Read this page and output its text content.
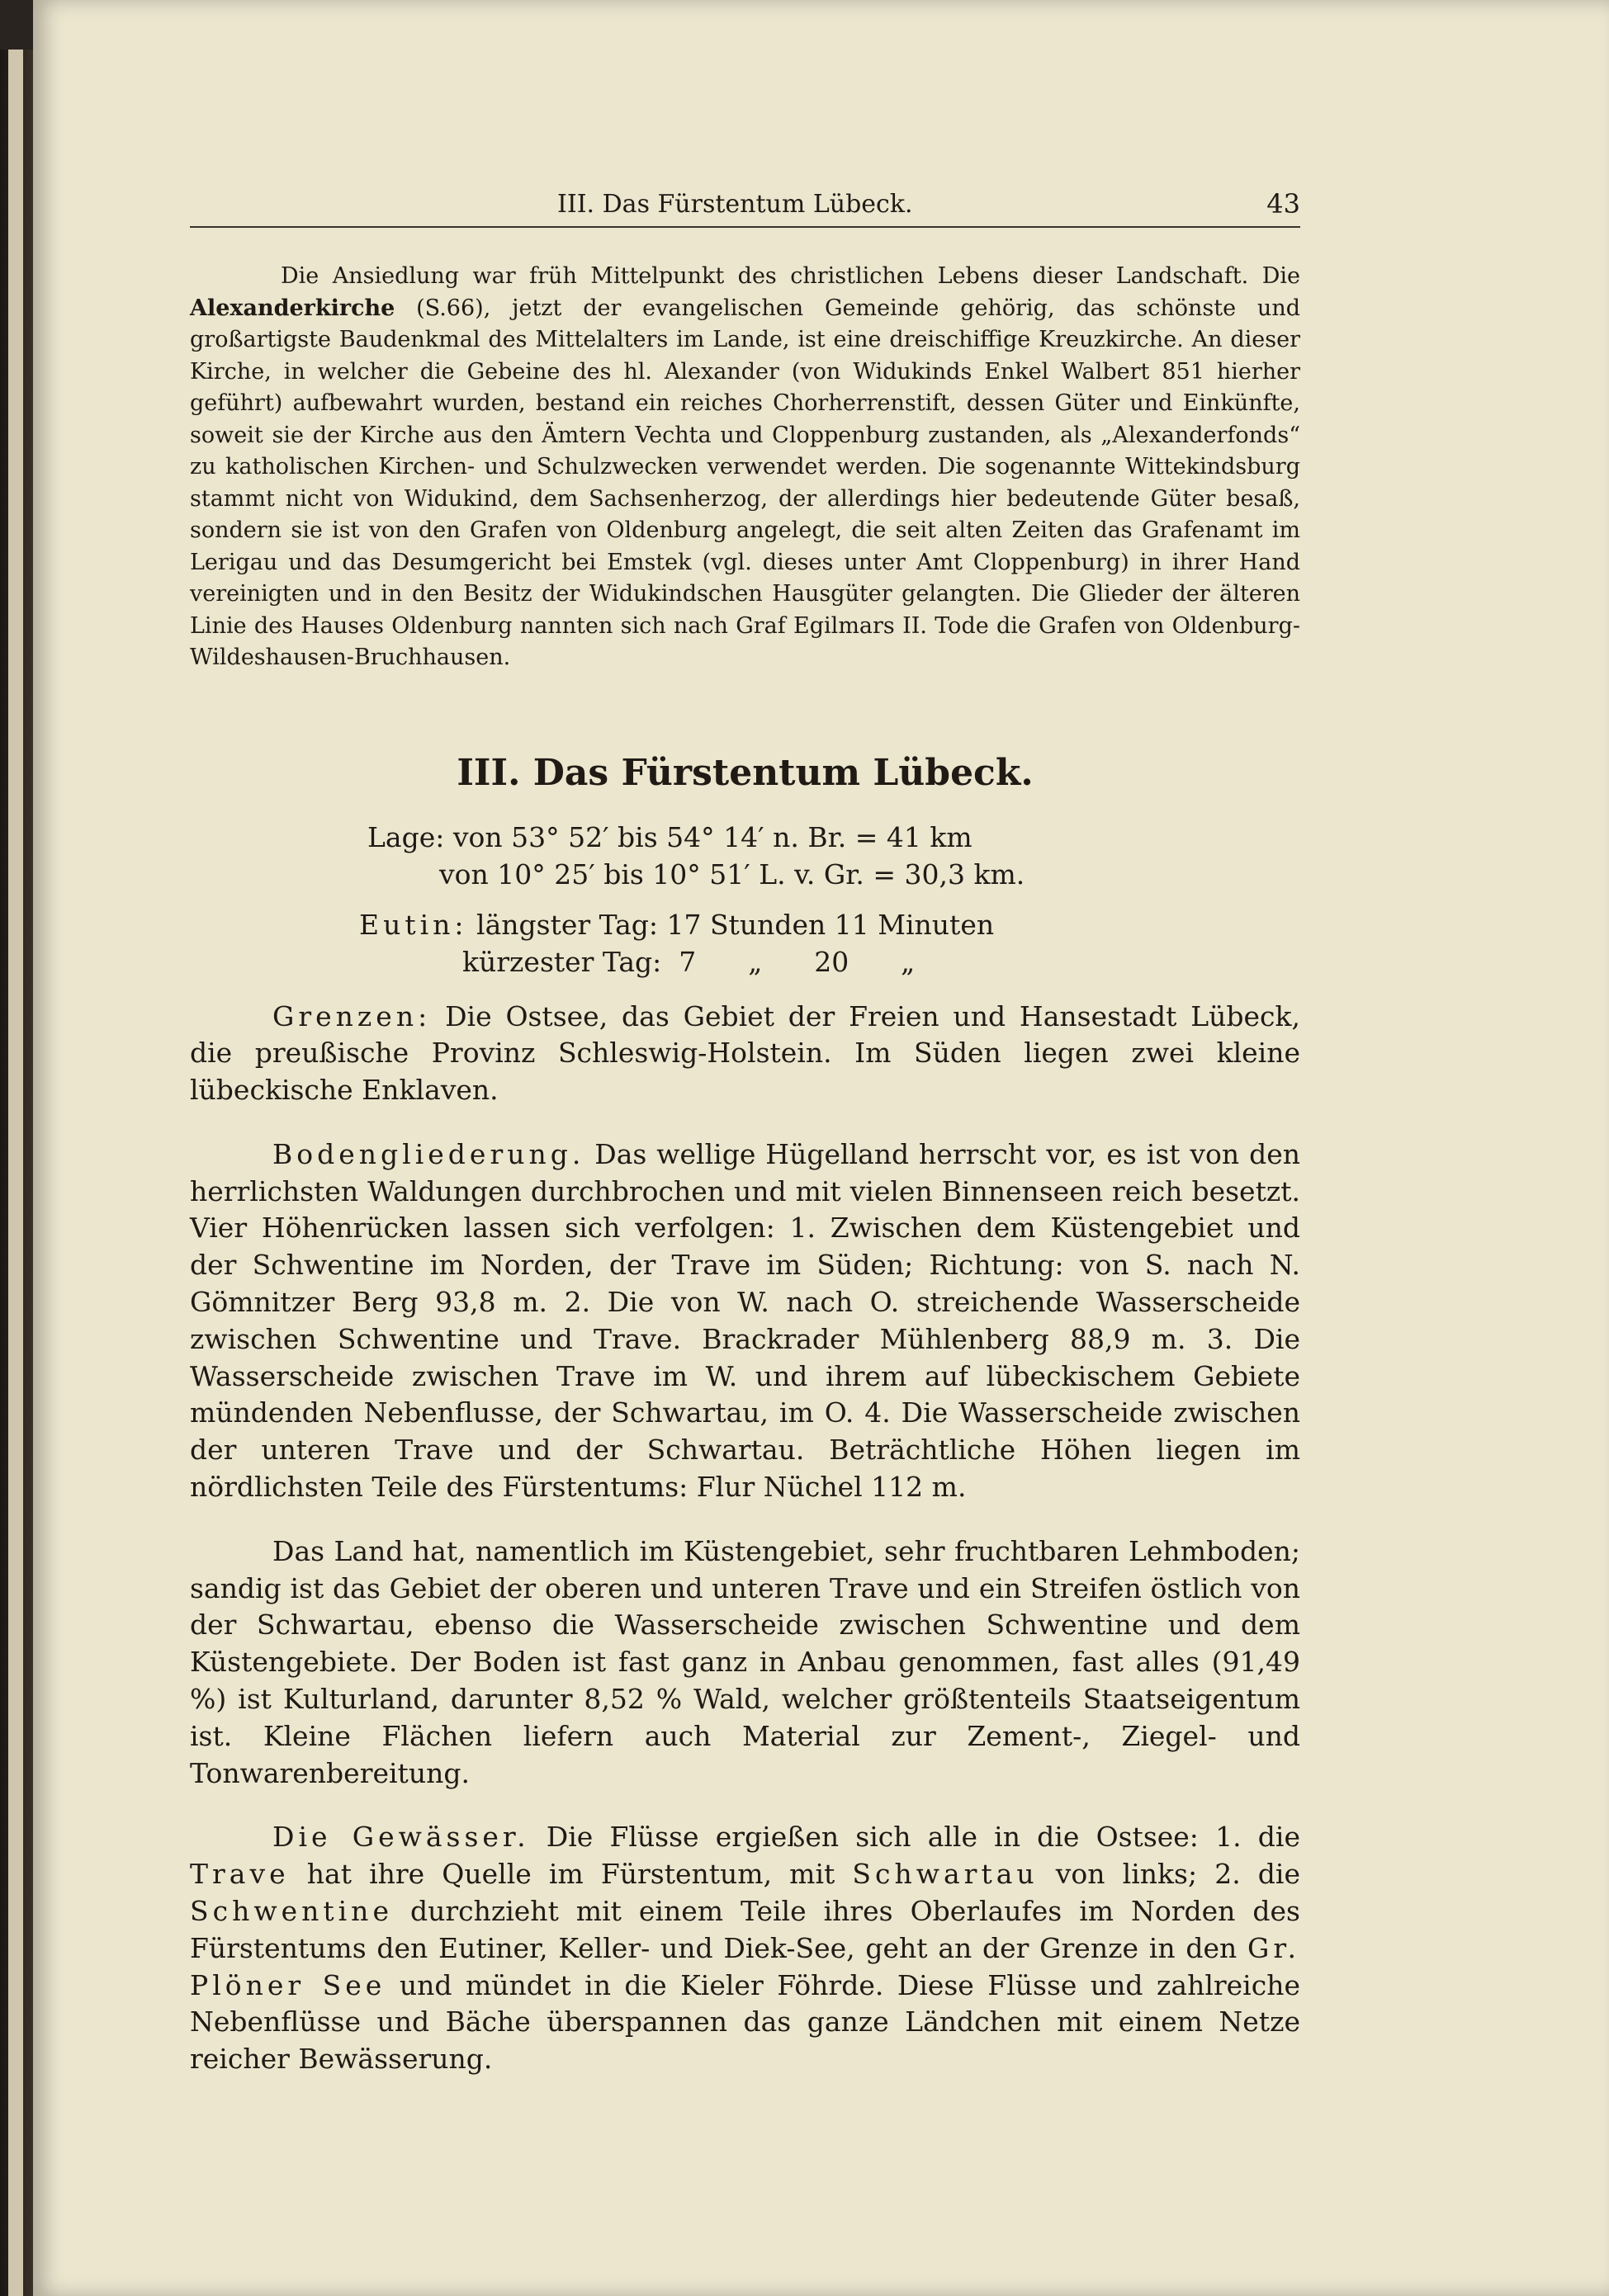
III. Das Fürstentum Lübeck.	43

Die Ansiedlung war früh Mittelpunkt des christlichen Lebens dieser Landschaft. Die Alexanderkirche (S.66), jetzt der evangelischen Gemeinde gehörig, das schönste und großartigste Baudenkmal des Mittelalters im Lande, ist eine dreischiffige Kreuzkirche. An dieser Kirche, in welcher die Gebeine des hl. Alexander (von Widukinds Enkel Walbert 851 hierher geführt) aufbewahrt wurden, bestand ein reiches Chorherrenstift, dessen Güter und Einkünfte, soweit sie der Kirche aus den Ämtern Vechta und Cloppenburg zustanden, als „Alexanderfonds“ zu katholischen Kirchen- und Schulzwecken verwendet werden. Die sogenannte Wittekindsburg stammt nicht von Widukind, dem Sachsenherzog, der allerdings hier bedeutende Güter besaß, sondern sie ist von den Grafen von Oldenburg angelegt, die seit alten Zeiten das Grafenamt im Lerigau und das Desumgericht bei Emstek (vgl. dieses unter Amt Cloppenburg) in ihrer Hand vereinigten und in den Besitz der Widukindschen Hausgüter gelangten. Die Glieder der älteren Linie des Hauses Oldenburg nannten sich nach Graf Egilmars II. Tode die Grafen von Oldenburg-Wildeshausen-Bruchhausen.

III. Das Fürstentum Lübeck.
Lage: von 53° 52′ bis 54° 14′ n. Br. = 41 km
von 10° 25′ bis 10° 51′ L. v. Gr. = 30,3 km.
Eutin: längster Tag: 17 Stunden 11 Minuten
kürzester Tag:  7      „      20      „

Grenzen: Die Ostsee, das Gebiet der Freien und Hansestadt Lübeck, die preußische Provinz Schleswig-Holstein. Im Süden liegen zwei kleine lübeckische Enklaven.

Bodengliederung. Das wellige Hügelland herrscht vor, es ist von den herrlichsten Waldungen durchbrochen und mit vielen Binnenseen reich besetzt. Vier Höhenrücken lassen sich verfolgen: 1. Zwischen dem Küstengebiet und der Schwentine im Norden, der Trave im Süden; Richtung: von S. nach N. Gömnitzer Berg 93,8 m. 2. Die von W. nach O. streichende Wasserscheide zwischen Schwentine und Trave. Brackrader Mühlenberg 88,9 m. 3. Die Wasserscheide zwischen Trave im W. und ihrem auf lübeckischem Gebiete mündenden Nebenflusse, der Schwartau, im O. 4. Die Wasserscheide zwischen der unteren Trave und der Schwartau. Beträchtliche Höhen liegen im nördlichsten Teile des Fürstentums: Flur Nüchel 112 m.

Das Land hat, namentlich im Küstengebiet, sehr fruchtbaren Lehmboden; sandig ist das Gebiet der oberen und unteren Trave und ein Streifen östlich von der Schwartau, ebenso die Wasserscheide zwischen Schwentine und dem Küstengebiete. Der Boden ist fast ganz in Anbau genommen, fast alles (91,49 %) ist Kulturland, darunter 8,52 % Wald, welcher größtenteils Staatseigentum ist. Kleine Flächen liefern auch Material zur Zement-, Ziegel- und Tonwarenbereitung.

Die Gewässer. Die Flüsse ergießen sich alle in die Ostsee: 1. die Trave hat ihre Quelle im Fürstentum, mit Schwartau von links; 2. die Schwentine durchzieht mit einem Teile ihres Oberlaufes im Norden des Fürstentums den Eutiner, Keller- und Diek-See, geht an der Grenze in den Gr. Plöner See und mündet in die Kieler Föhrde. Diese Flüsse und zahlreiche Nebenflüsse und Bäche überspannen das ganze Ländchen mit einem Netze reicher Bewässerung.
